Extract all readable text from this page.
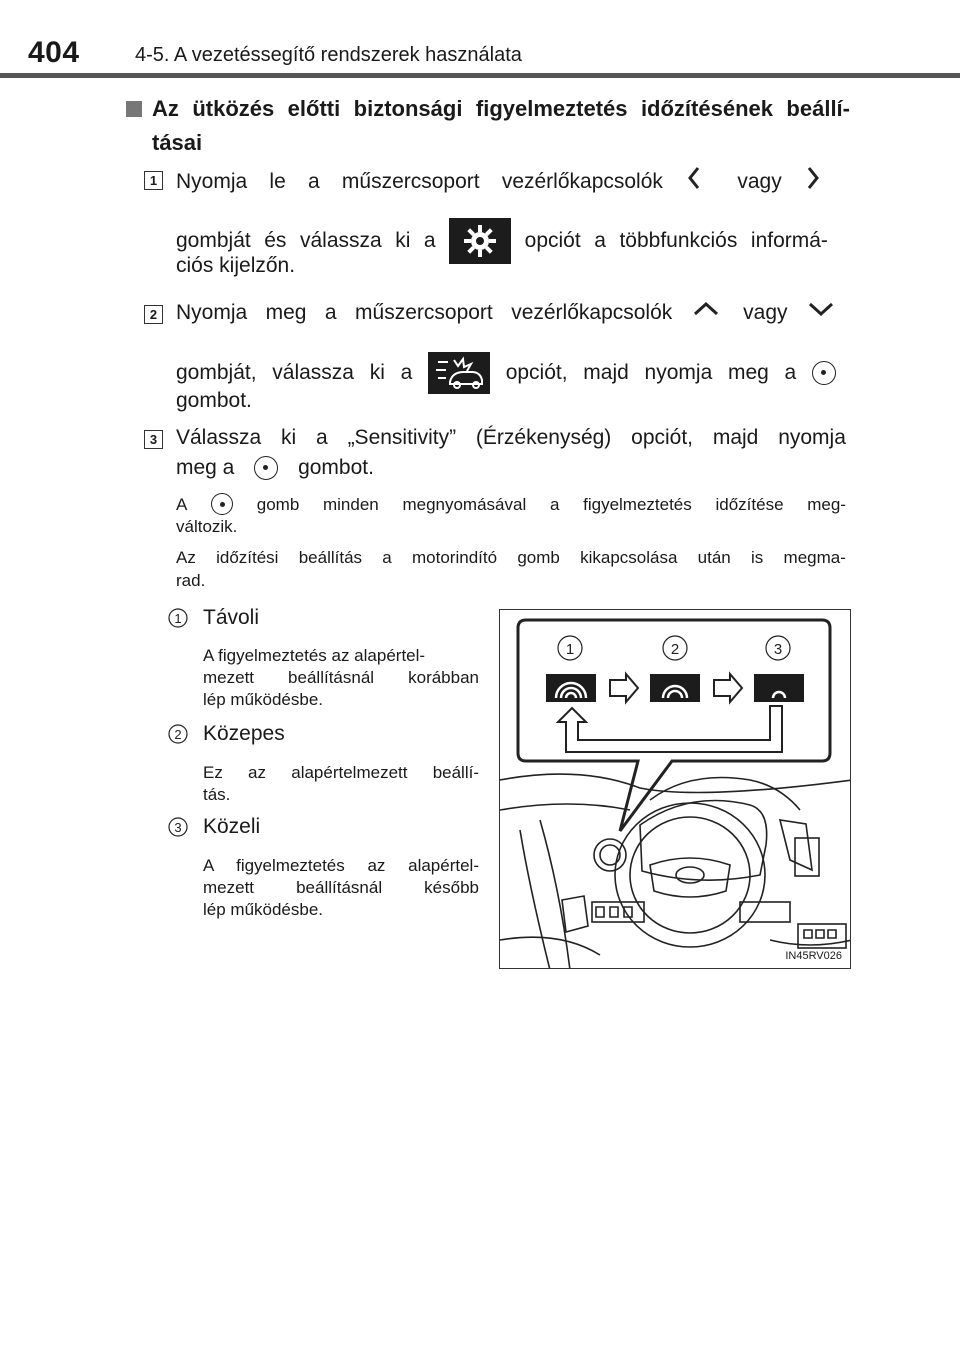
404	4-5. A vezetéssegítő rendszerek használata
Az ütközés előtti biztonsági figyelmeztetés időzítésének beállí-
tásai
1 Nyomja le a műszercsoport vezérlőkapcsolók	vagy
gombját és válassza ki a	opciót a többfunkciós informá-
ciós kijelzőn.
2 Nyomja meg a műszercsoport vezérlőkapcsolók	vagy
gombját, válassza ki a	opciót, majd nyomja meg a
gombot.
3 Válassza ki a „Sensitivity” (Érzékenység) opciót, majd nyomja
meg a	gombot.
A	gomb minden megnyomásával a figyelmeztetés időzítése meg-
változik.
Az időzítési beállítás a motorindító gomb kikapcsolása után is megma-
rad.
1 Távoli
A figyelmeztetés az alapértel-
mezett beállításnál korábban
lép működésbe.
2 Közepes
Ez az alapértelmezett beállí-
tás.
3 Közeli
A figyelmeztetés az alapértel-
mezett beállításnál később
lép működésbe.
1	2	3
IN45RV026
